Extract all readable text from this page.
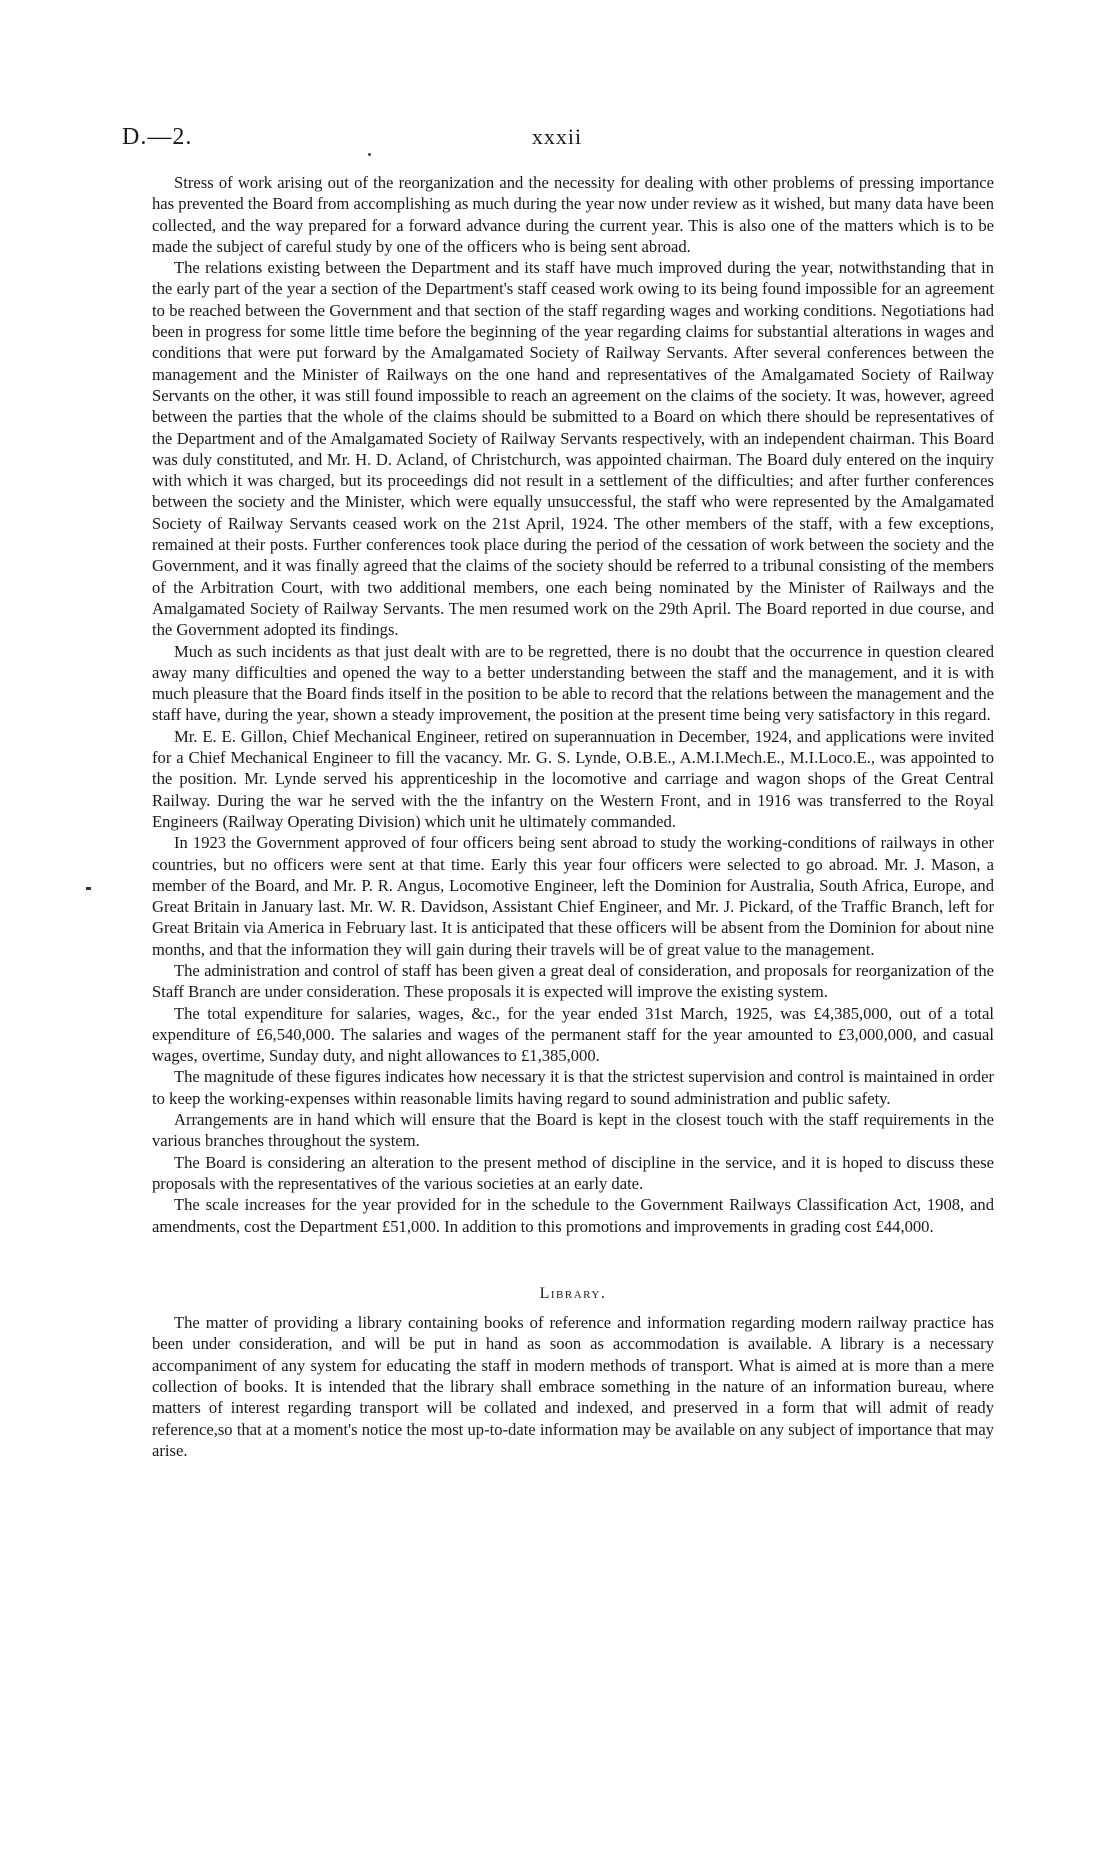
D.—2.	xxxii

Stress of work arising out of the reorganization and the necessity for dealing with other problems of pressing importance has prevented the Board from accomplishing as much during the year now under review as it wished, but many data have been collected, and the way prepared for a forward advance during the current year. This is also one of the matters which is to be made the subject of careful study by one of the officers who is being sent abroad.

The relations existing between the Department and its staff have much improved during the year, notwithstanding that in the early part of the year a section of the Department's staff ceased work owing to its being found impossible for an agreement to be reached between the Government and that section of the staff regarding wages and working conditions. Negotiations had been in progress for some little time before the beginning of the year regarding claims for substantial alterations in wages and conditions that were put forward by the Amalgamated Society of Railway Servants. After several conferences between the management and the Minister of Railways on the one hand and representatives of the Amalgamated Society of Railway Servants on the other, it was still found impossible to reach an agreement on the claims of the society. It was, however, agreed between the parties that the whole of the claims should be submitted to a Board on which there should be representatives of the Department and of the Amalgamated Society of Railway Servants respectively, with an independent chairman. This Board was duly constituted, and Mr. H. D. Acland, of Christchurch, was appointed chairman. The Board duly entered on the inquiry with which it was charged, but its proceedings did not result in a settlement of the difficulties; and after further conferences between the society and the Minister, which were equally unsuccessful, the staff who were represented by the Amalgamated Society of Railway Servants ceased work on the 21st April, 1924. The other members of the staff, with a few exceptions, remained at their posts. Further conferences took place during the period of the cessation of work between the society and the Government, and it was finally agreed that the claims of the society should be referred to a tribunal consisting of the members of the Arbitration Court, with two additional members, one each being nominated by the Minister of Railways and the Amalgamated Society of Railway Servants. The men resumed work on the 29th April. The Board reported in due course, and the Government adopted its findings.

Much as such incidents as that just dealt with are to be regretted, there is no doubt that the occurrence in question cleared away many difficulties and opened the way to a better understanding between the staff and the management, and it is with much pleasure that the Board finds itself in the position to be able to record that the relations between the management and the staff have, during the year, shown a steady improvement, the position at the present time being very satisfactory in this regard.

Mr. E. E. Gillon, Chief Mechanical Engineer, retired on superannuation in December, 1924, and applications were invited for a Chief Mechanical Engineer to fill the vacancy. Mr. G. S. Lynde, O.B.E., A.M.I.Mech.E., M.I.Loco.E., was appointed to the position. Mr. Lynde served his apprenticeship in the locomotive and carriage and wagon shops of the Great Central Railway. During the war he served with the the infantry on the Western Front, and in 1916 was transferred to the Royal Engineers (Railway Operating Division) which unit he ultimately commanded.

In 1923 the Government approved of four officers being sent abroad to study the working-conditions of railways in other countries, but no officers were sent at that time. Early this year four officers were selected to go abroad. Mr. J. Mason, a member of the Board, and Mr. P. R. Angus, Locomotive Engineer, left the Dominion for Australia, South Africa, Europe, and Great Britain in January last. Mr. W. R. Davidson, Assistant Chief Engineer, and Mr. J. Pickard, of the Traffic Branch, left for Great Britain via America in February last. It is anticipated that these officers will be absent from the Dominion for about nine months, and that the information they will gain during their travels will be of great value to the management.

The administration and control of staff has been given a great deal of consideration, and proposals for reorganization of the Staff Branch are under consideration. These proposals it is expected will improve the existing system.

The total expenditure for salaries, wages, &c., for the year ended 31st March, 1925, was £4,385,000, out of a total expenditure of £6,540,000. The salaries and wages of the permanent staff for the year amounted to £3,000,000, and casual wages, overtime, Sunday duty, and night allowances to £1,385,000.

The magnitude of these figures indicates how necessary it is that the strictest supervision and control is maintained in order to keep the working-expenses within reasonable limits having regard to sound administration and public safety.

Arrangements are in hand which will ensure that the Board is kept in the closest touch with the staff requirements in the various branches throughout the system.

The Board is considering an alteration to the present method of discipline in the service, and it is hoped to discuss these proposals with the representatives of the various societies at an early date.

The scale increases for the year provided for in the schedule to the Government Railways Classification Act, 1908, and amendments, cost the Department £51,000. In addition to this promotions and improvements in grading cost £44,000.

Library.

The matter of providing a library containing books of reference and information regarding modern railway practice has been under consideration, and will be put in hand as soon as accommodation is available. A library is a necessary accompaniment of any system for educating the staff in modern methods of transport. What is aimed at is more than a mere collection of books. It is intended that the library shall embrace something in the nature of an information bureau, where matters of interest regarding transport will be collated and indexed, and preserved in a form that will admit of ready reference,so that at a moment's notice the most up-to-date information may be available on any subject of importance that may arise.
